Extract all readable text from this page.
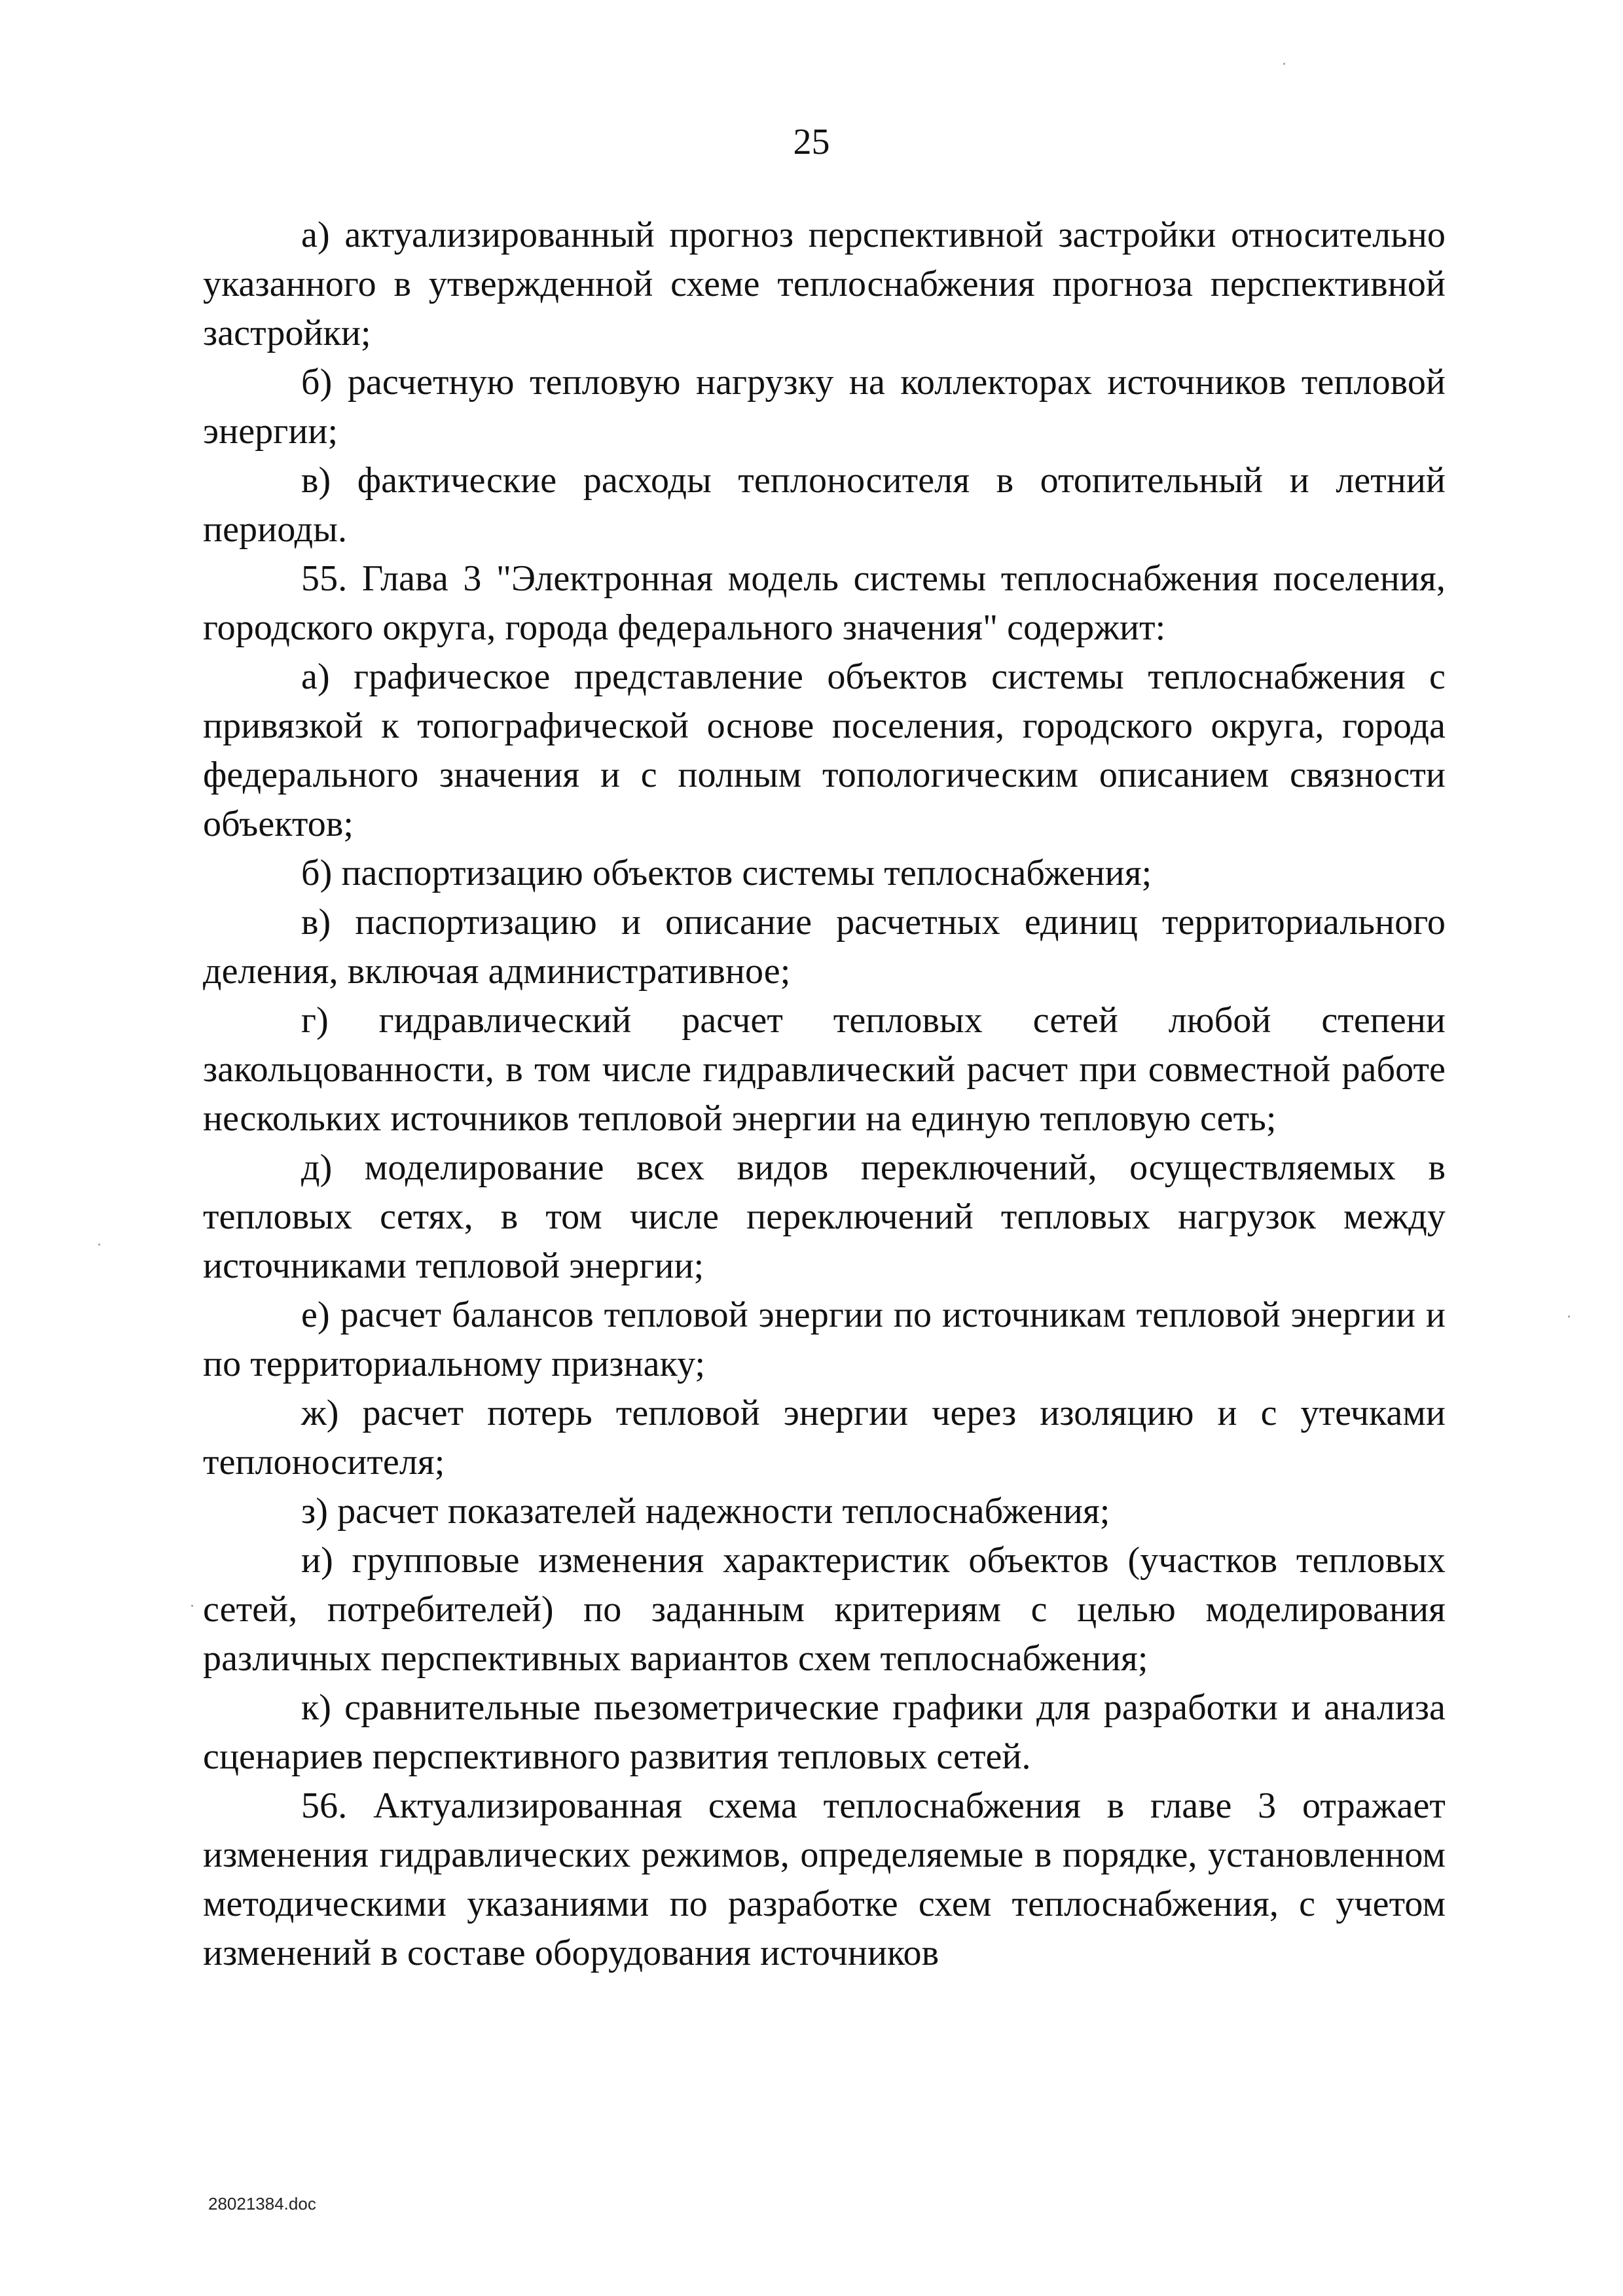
25

а) актуализированный прогноз перспективной застройки относительно указанного в утвержденной схеме теплоснабжения прогноза перспективной застройки;

б) расчетную тепловую нагрузку на коллекторах источников тепловой энергии;

в) фактические расходы теплоносителя в отопительный и летний периоды.

55. Глава 3 "Электронная модель системы теплоснабжения поселения, городского округа, города федерального значения" содержит:

а) графическое представление объектов системы теплоснабжения с привязкой к топографической основе поселения, городского округа, города федерального значения и с полным топологическим описанием связности объектов;

б) паспортизацию объектов системы теплоснабжения;

в) паспортизацию и описание расчетных единиц территориального деления, включая административное;

г) гидравлический расчет тепловых сетей любой степени закольцованности, в том числе гидравлический расчет при совместной работе нескольких источников тепловой энергии на единую тепловую сеть;

д) моделирование всех видов переключений, осуществляемых в тепловых сетях, в том числе переключений тепловых нагрузок между источниками тепловой энергии;

е) расчет балансов тепловой энергии по источникам тепловой энергии и по территориальному признаку;

ж) расчет потерь тепловой энергии через изоляцию и с утечками теплоносителя;

з) расчет показателей надежности теплоснабжения;

и) групповые изменения характеристик объектов (участков тепловых сетей, потребителей) по заданным критериям с целью моделирования различных перспективных вариантов схем теплоснабжения;

к) сравнительные пьезометрические графики для разработки и анализа сценариев перспективного развития тепловых сетей.

56. Актуализированная схема теплоснабжения в главе 3 отражает изменения гидравлических режимов, определяемые в порядке, установленном методическими указаниями по разработке схем теплоснабжения, с учетом изменений в составе оборудования источников

28021384.doc
